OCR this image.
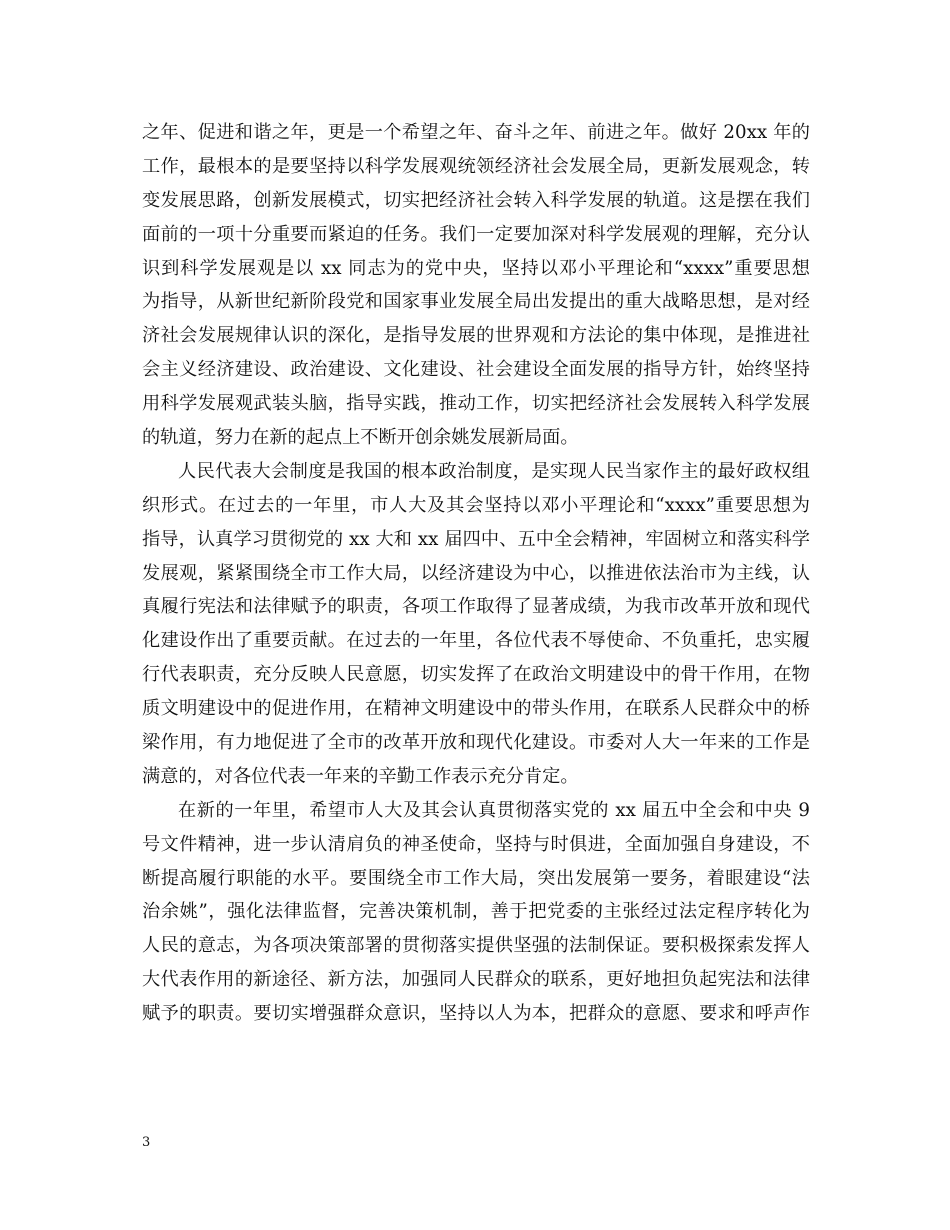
之年、促进和谐之年，更是一个希望之年、奋斗之年、前进之年。做好 20xx 年的
工作，最根本的是要坚持以科学发展观统领经济社会发展全局，更新发展观念，转
变发展思路，创新发展模式，切实把经济社会转入科学发展的轨道。这是摆在我们
面前的一项十分重要而紧迫的任务。我们一定要加深对科学发展观的理解，充分认
识到科学发展观是以 xx 同志为的党中央，坚持以邓小平理论和“xxxx”重要思想
为指导，从新世纪新阶段党和国家事业发展全局出发提出的重大战略思想，是对经
济社会发展规律认识的深化，是指导发展的世界观和方法论的集中体现，是推进社
会主义经济建设、政治建设、文化建设、社会建设全面发展的指导方针，始终坚持
用科学发展观武装头脑，指导实践，推动工作，切实把经济社会发展转入科学发展
的轨道，努力在新的起点上不断开创余姚发展新局面。
人民代表大会制度是我国的根本政治制度，是实现人民当家作主的最好政权组
织形式。在过去的一年里，市人大及其会坚持以邓小平理论和“xxxx”重要思想为
指导，认真学习贯彻党的 xx 大和 xx 届四中、五中全会精神，牢固树立和落实科学
发展观，紧紧围绕全市工作大局，以经济建设为中心，以推进依法治市为主线，认
真履行宪法和法律赋予的职责，各项工作取得了显著成绩，为我市改革开放和现代
化建设作出了重要贡献。在过去的一年里，各位代表不辱使命、不负重托，忠实履
行代表职责，充分反映人民意愿，切实发挥了在政治文明建设中的骨干作用，在物
质文明建设中的促进作用，在精神文明建设中的带头作用，在联系人民群众中的桥
梁作用，有力地促进了全市的改革开放和现代化建设。市委对人大一年来的工作是
满意的，对各位代表一年来的辛勤工作表示充分肯定。
在新的一年里，希望市人大及其会认真贯彻落实党的 xx 届五中全会和中央 9
号文件精神，进一步认清肩负的神圣使命，坚持与时俱进，全面加强自身建设，不
断提高履行职能的水平。要围绕全市工作大局，突出发展第一要务，着眼建设“法
治余姚”，强化法律监督，完善决策机制，善于把党委的主张经过法定程序转化为
人民的意志，为各项决策部署的贯彻落实提供坚强的法制保证。要积极探索发挥人
大代表作用的新途径、新方法，加强同人民群众的联系，更好地担负起宪法和法律
赋予的职责。要切实增强群众意识，坚持以人为本，把群众的意愿、要求和呼声作
3
